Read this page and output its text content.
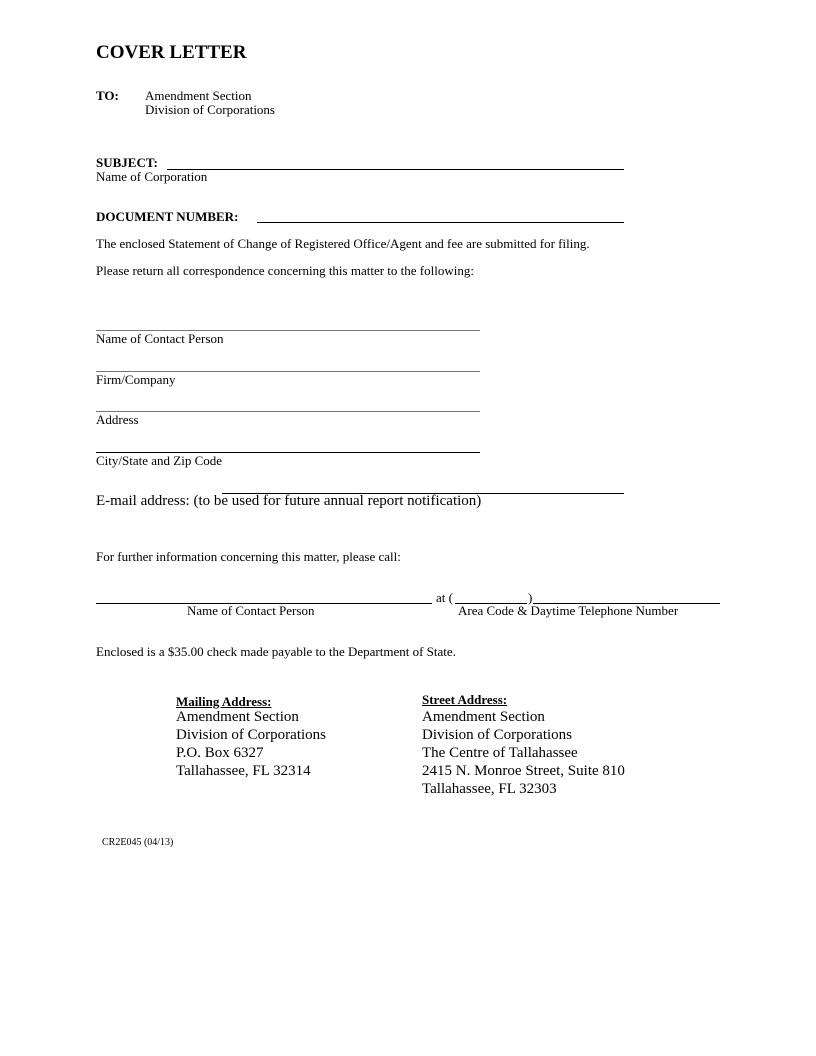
COVER LETTER
TO: Amendment Section
Division of Corporations
SUBJECT:
Name of Corporation
DOCUMENT NUMBER:
The enclosed Statement of Change of Registered Office/Agent and fee are submitted for filing.
Please return all correspondence concerning this matter to the following:
Name of Contact Person
Firm/Company
Address
City/State and Zip Code
E-mail address: (to be used for future annual report notification)
For further information concerning this matter, please call:
at (	)
Name of Contact Person	Area Code & Daytime Telephone Number
Enclosed is a $35.00 check made payable to the Department of State.
Mailing Address:
Amendment Section
Division of Corporations
P.O. Box 6327
Tallahassee, FL 32314
Street Address:
Amendment Section
Division of Corporations
The Centre of Tallahassee
2415 N. Monroe Street, Suite 810
Tallahassee, FL 32303
CR2E045 (04/13)
